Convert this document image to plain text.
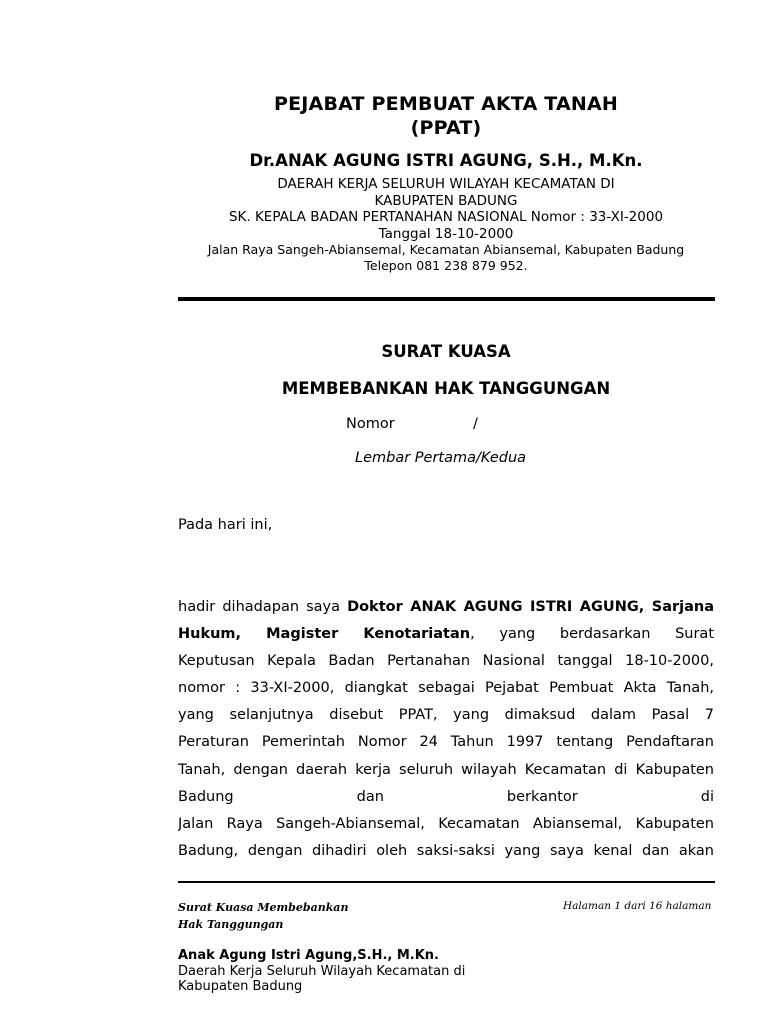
PEJABAT PEMBUAT AKTA TANAH
(PPAT)
Dr.ANAK AGUNG ISTRI AGUNG, S.H., M.Kn.
DAERAH KERJA SELURUH WILAYAH KECAMATAN DI
KABUPATEN BADUNG
SK. KEPALA BADAN PERTANAHAN NASIONAL Nomor : 33-XI-2000
Tanggal 18-10-2000
Jalan Raya Sangeh-Abiansemal, Kecamatan Abiansemal, Kabupaten Badung
Telepon 081 238 879 952.
SURAT KUASA
MEMBEBANKAN HAK TANGGUNGAN
Nomor	/
Lembar Pertama/Kedua
Pada hari ini,
hadir dihadapan saya Doktor ANAK AGUNG ISTRI AGUNG, Sarjana
Hukum, Magister Kenotariatan, yang berdasarkan Surat
Keputusan Kepala Badan Pertanahan Nasional tanggal 18-10-2000,
nomor : 33-XI-2000, diangkat sebagai Pejabat Pembuat Akta Tanah,
yang selanjutnya disebut PPAT, yang dimaksud dalam Pasal 7
Peraturan Pemerintah Nomor 24 Tahun 1997 tentang Pendaftaran
Tanah, dengan daerah kerja seluruh wilayah Kecamatan di Kabupaten
Badung dan berkantor di
Jalan Raya Sangeh-Abiansemal, Kecamatan Abiansemal, Kabupaten
Badung, dengan dihadiri oleh saksi-saksi yang saya kenal dan akan
Surat Kuasa Membebankan
Hak Tanggungan
Halaman 1 dari 16 halaman
Anak Agung Istri Agung,S.H., M.Kn.
Daerah Kerja Seluruh Wilayah Kecamatan di
Kabupaten Badung
